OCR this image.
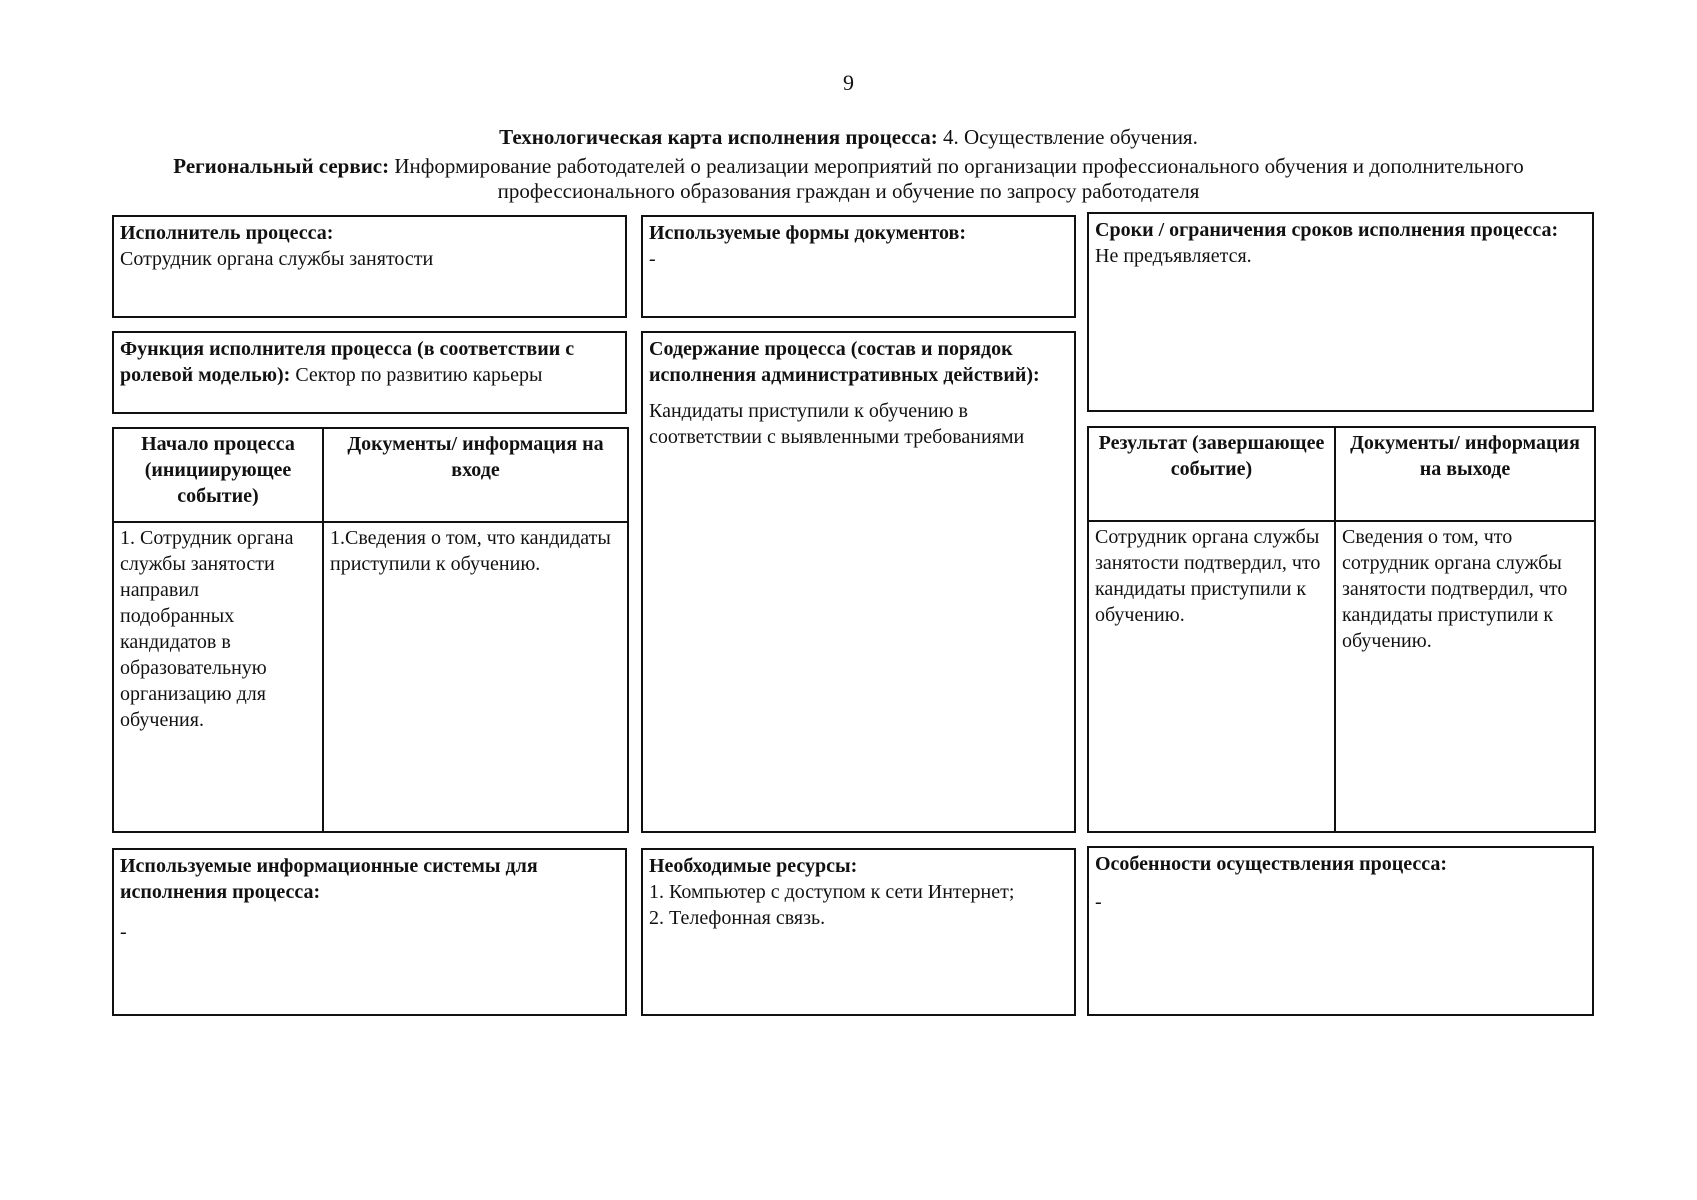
9
Технологическая карта исполнения процесса: 4. Осуществление обучения.
Региональный сервис: Информирование работодателей о реализации мероприятий по организации профессионального обучения и дополнительного
профессионального образования граждан и обучение по запросу работодателя
Исполнитель процесса:
Сотрудник органа службы занятости
Используемые формы документов:
-
Сроки / ограничения сроков исполнения процесса:
Не предъявляется.
Функция исполнителя процесса (в соответствии с ролевой моделью): Сектор по развитию карьеры
Содержание процесса (состав и порядок исполнения административных действий):
Кандидаты приступили к обучению в соответствии с выявленными требованиями
Начало процесса (инициирующее событие)	Документы/ информация на входе
1. Сотрудник органа службы занятости направил подобранных кандидатов в образовательную организацию для обучения.	1.Сведения о том, что кандидаты приступили к обучению.
Результат (завершающее событие)	Документы/ информация на выходе
Сотрудник органа службы занятости подтвердил, что кандидаты приступили к обучению.	Сведения о том, что сотрудник органа службы занятости подтвердил, что кандидаты приступили к обучению.
Используемые информационные системы для исполнения процесса:
-
Необходимые ресурсы:
1. Компьютер с доступом к сети Интернет;
2. Телефонная связь.
Особенности осуществления процесса:
-
